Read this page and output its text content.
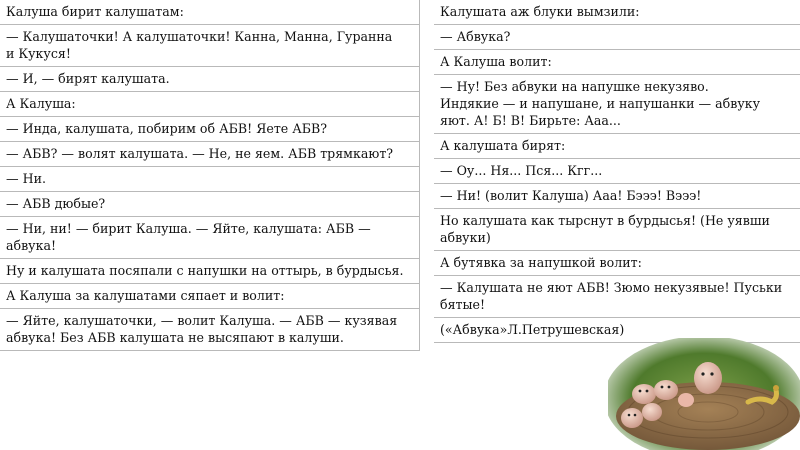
Калуша бирит калушатам:
— Калушаточки! А калушаточки! Канна, Манна, Гуранна
и Кукуся!
— И, — бирят калушата.
А Калуша:
— Инда, калушата, побирим об АБВ! Яете АБВ?
— АБВ? — волят калушата. — Не, не яем. АБВ трямкают?
— Ни.
— АБВ дюбые?
— Ни, ни! — бирит Калуша. — Яйте, калушата: АБВ —
абвука!
Ну и калушата посяпали с напушки на оттырь, в бурдысья.
А Калуша за калушатами сяпает и волит:
— Яйте, калушаточки, — волит Калуша. — АБВ — кузявая
абвука! Без АБВ калушата не высяпают в калуши.
Калушата аж блуки вымзили:
— Абвука?
А Калуша волит:
— Ну! Без абвуки на напушке некузяво.
Индякие — и напушане, и напушанки — абвуку
яют. А! Б! В! Бирьте: Ааа...
А калушата бирят:
— Оу... Ня... Пся... Кгг...
— Ни! (волит Калуша) Ааа! Бэээ! Вэээ!
Но калушата как тырснут в бурдысья! (Не уявши
абвуки)
А бутявка за напушкой волит:
— Калушата не яют АБВ! Зюмо некузявые! Пуськи
бятые!
(«Абвука»Л.Петрушевская)
